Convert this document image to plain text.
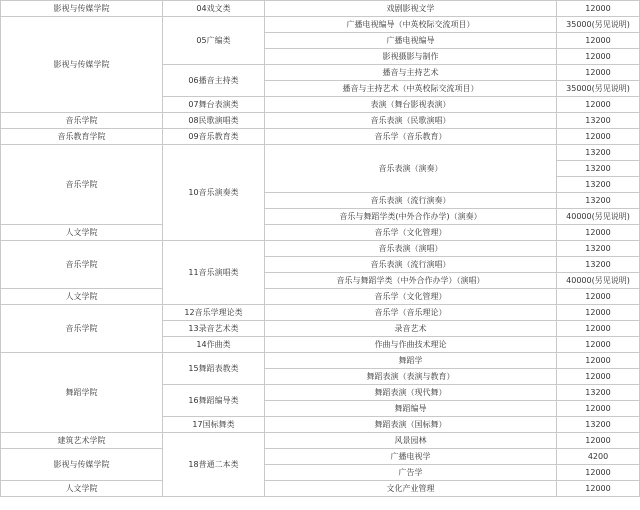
影视与传媒学院	04戏文类	戏剧影视文学	12000
影视与传媒学院	05广编类	广播电视编导（中英校际交流项目）	35000(另见说明)
		广播电视编导	12000
		影视摄影与制作	12000
	06播音主持类	播音与主持艺术	12000
		播音与主持艺术（中英校际交流项目）	35000(另见说明)
	07舞台表演类	表演（舞台影视表演）	12000
音乐学院	08民歌演唱类	音乐表演（民歌演唱）	13200
音乐教育学院	09音乐教育类	音乐学（音乐教育）	12000
音乐学院	10音乐演奏类	音乐表演（演奏）	13200
			13200
			13200
		音乐表演（流行演奏）	13200
		音乐与舞蹈学类(中外合作办学)（演奏）	40000(另见说明)
人文学院		音乐学（文化管理）	12000
音乐学院	11音乐演唱类	音乐表演（演唱）	13200
		音乐表演（流行演唱）	13200
		音乐与舞蹈学类（中外合作办学）（演唱）	40000(另见说明)
人文学院		音乐学（文化管理）	12000
音乐学院	12音乐学理论类	音乐学（音乐理论）	12000
	13录音艺术类	录音艺术	12000
	14作曲类	作曲与作曲技术理论	12000
舞蹈学院	15舞蹈表教类	舞蹈学	12000
		舞蹈表演（表演与教育）	12000
	16舞蹈编导类	舞蹈表演（现代舞）	13200
		舞蹈编导	12000
	17国标舞类	舞蹈表演（国标舞）	13200
建筑艺术学院	18普通二本类	风景园林	12000
影视与传媒学院		广播电视学	4200
		广告学	12000
人文学院		文化产业管理	12000
